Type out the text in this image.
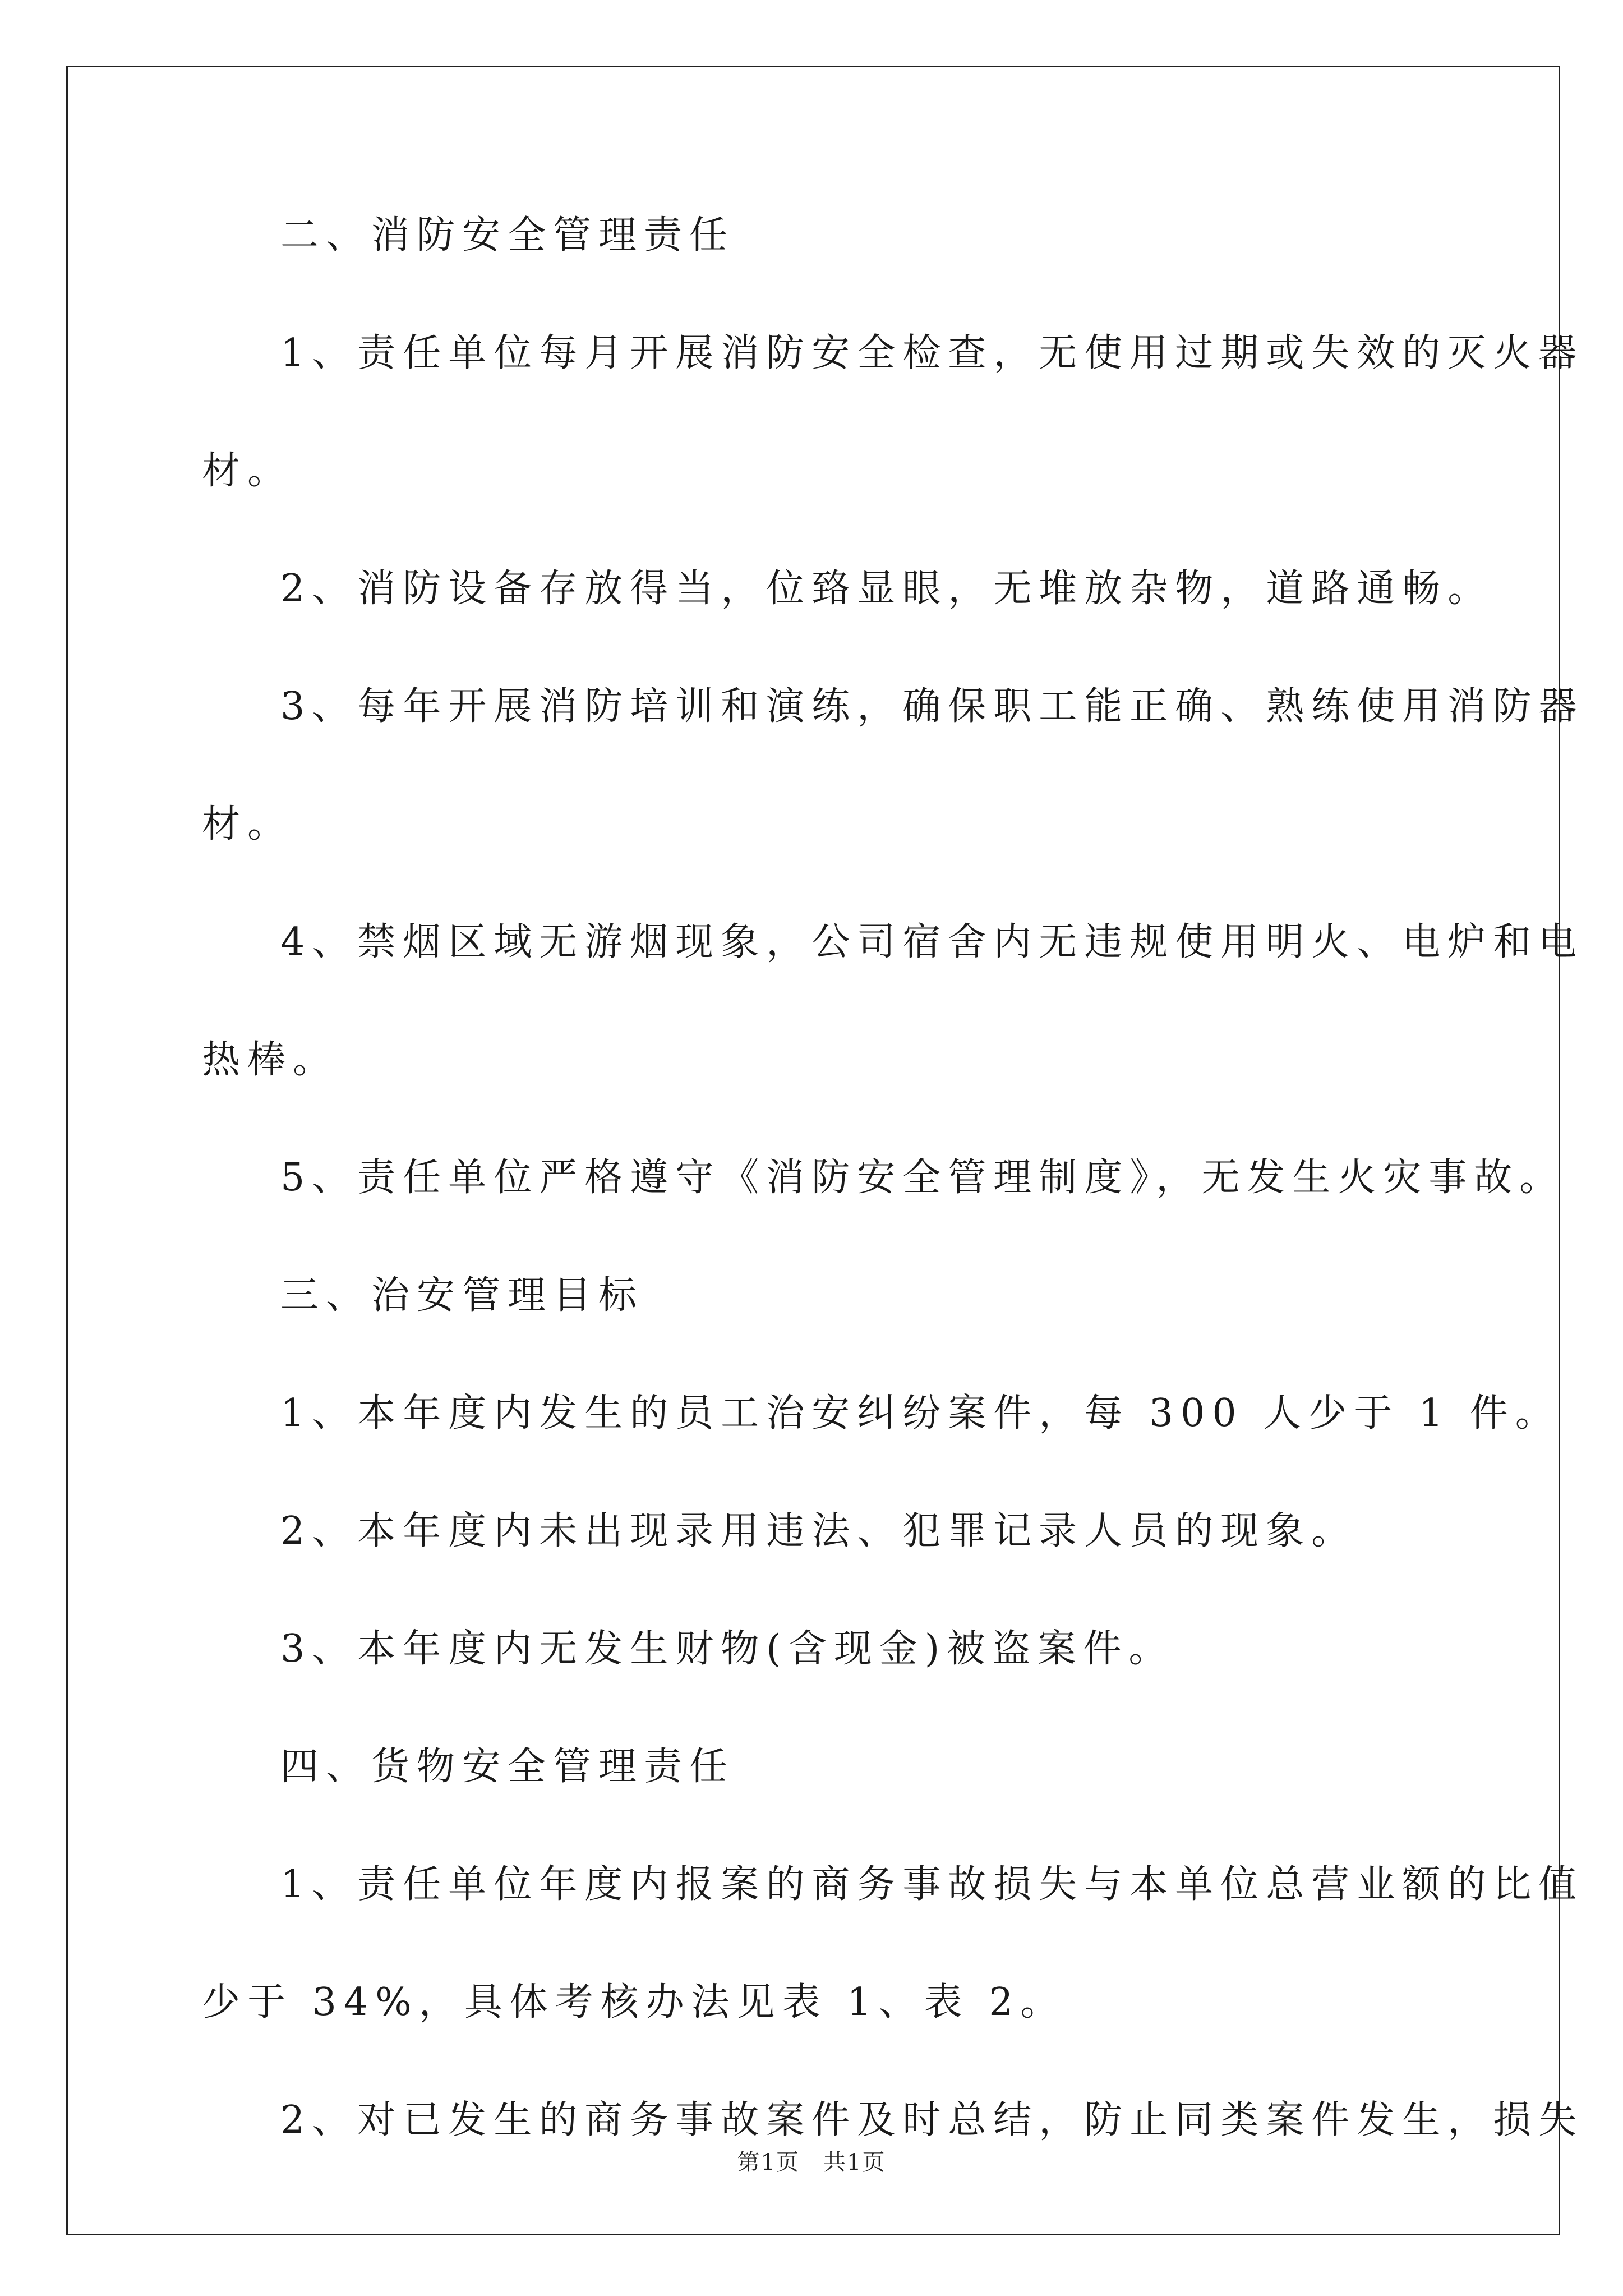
二、消防安全管理责任
1、责任单位每月开展消防安全检查，无使用过期或失效的灭火器
材。
2、消防设备存放得当，位臵显眼，无堆放杂物，道路通畅。
3、每年开展消防培训和演练，确保职工能正确、熟练使用消防器
材。
4、禁烟区域无游烟现象，公司宿舍内无违规使用明火、电炉和电
热棒。
5、责任单位严格遵守《消防安全管理制度》，无发生火灾事故。
三、治安管理目标
1、本年度内发生的员工治安纠纷案件，每 300 人少于 1 件。
2、本年度内未出现录用违法、犯罪记录人员的现象。
3、本年度内无发生财物(含现金)被盗案件。
四、货物安全管理责任
1、责任单位年度内报案的商务事故损失与本单位总营业额的比值
少于 34%，具体考核办法见表 1、表 2。
2、对已发生的商务事故案件及时总结，防止同类案件发生，损失
第1页　共1页
